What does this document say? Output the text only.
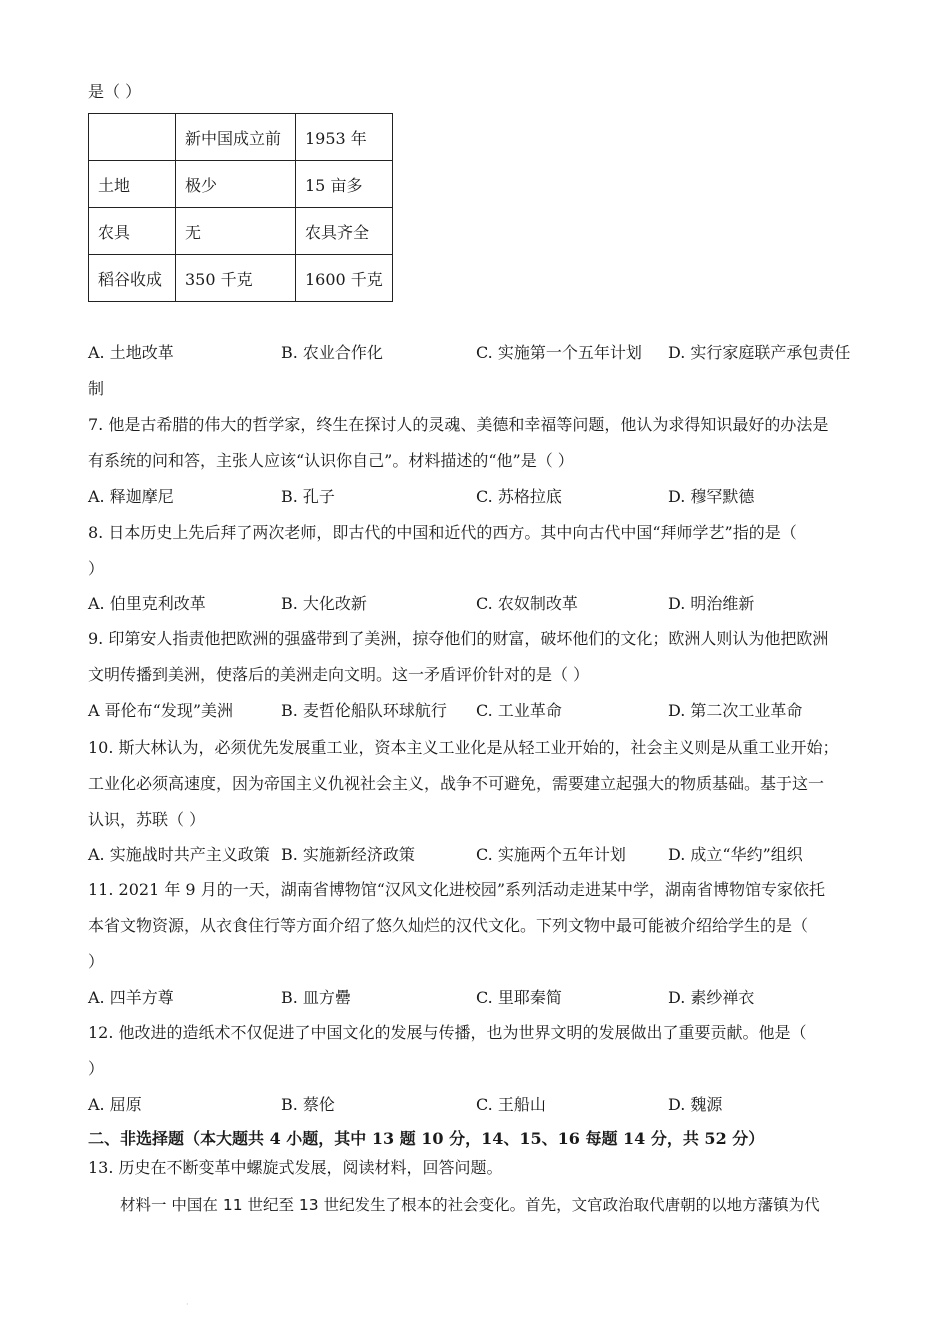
是（ ）
	新中国成立前	1953 年
土地	极少	15 亩多
农具	无	农具齐全
稻谷收成	350 千克	1600 千克
A. 土地改革	B. 农业合作化	C. 实施第一个五年计划 D. 实行家庭联产承包责任
制
7. 他是古希腊的伟大的哲学家，终生在探讨人的灵魂、美德和幸福等问题，他认为求得知识最好的办法是
有系统的问和答，主张人应该“认识你自己”。材料描述的“他”是（ ）
A. 释迦摩尼	B. 孔子	C. 苏格拉底	D. 穆罕默德
8. 日本历史上先后拜了两次老师，即古代的中国和近代的西方。其中向古代中国“拜师学艺”指的是（
）
A. 伯里克利改革	B. 大化改新	C. 农奴制改革	D. 明治维新
9. 印第安人指责他把欧洲的强盛带到了美洲，掠夺他们的财富，破坏他们的文化；欧洲人则认为他把欧洲
文明传播到美洲，使落后的美洲走向文明。这一矛盾评价针对的是（ ）
A 哥伦布“发现”美洲	B. 麦哲伦船队环球航行 C. 工业革命	D. 第二次工业革命
10. 斯大林认为，必须优先发展重工业，资本主义工业化是从轻工业开始的，社会主义则是从重工业开始；
工业化必须高速度，因为帝国主义仇视社会主义，战争不可避免，需要建立起强大的物质基础。基于这一
认识，苏联（ ）
A. 实施战时共产主义政策 B. 实施新经济政策	C. 实施两个五年计划	D. 成立“华约”组织
11. 2021 年 9 月的一天，湖南省博物馆“汉风文化进校园”系列活动走进某中学，湖南省博物馆专家依托
本省文物资源，从衣食住行等方面介绍了悠久灿烂的汉代文化。下列文物中最可能被介绍给学生的是（
）
A. 四羊方尊	B. 皿方罍	C. 里耶秦简	D. 素纱禅衣
12. 他改进的造纸术不仅促进了中国文化的发展与传播，也为世界文明的发展做出了重要贡献。他是（
）
A. 屈原	B. 蔡伦	C. 王船山	D. 魏源
二、非选择题（本大题共 4 小题，其中 13 题 10 分，14、15、16 每题 14 分，共 52 分）
13. 历史在不断变革中螺旋式发展，阅读材料，回答问题。
材料一 中国在 11 世纪至 13 世纪发生了根本的社会变化。首先，文官政治取代唐朝的以地方藩镇为代
·
